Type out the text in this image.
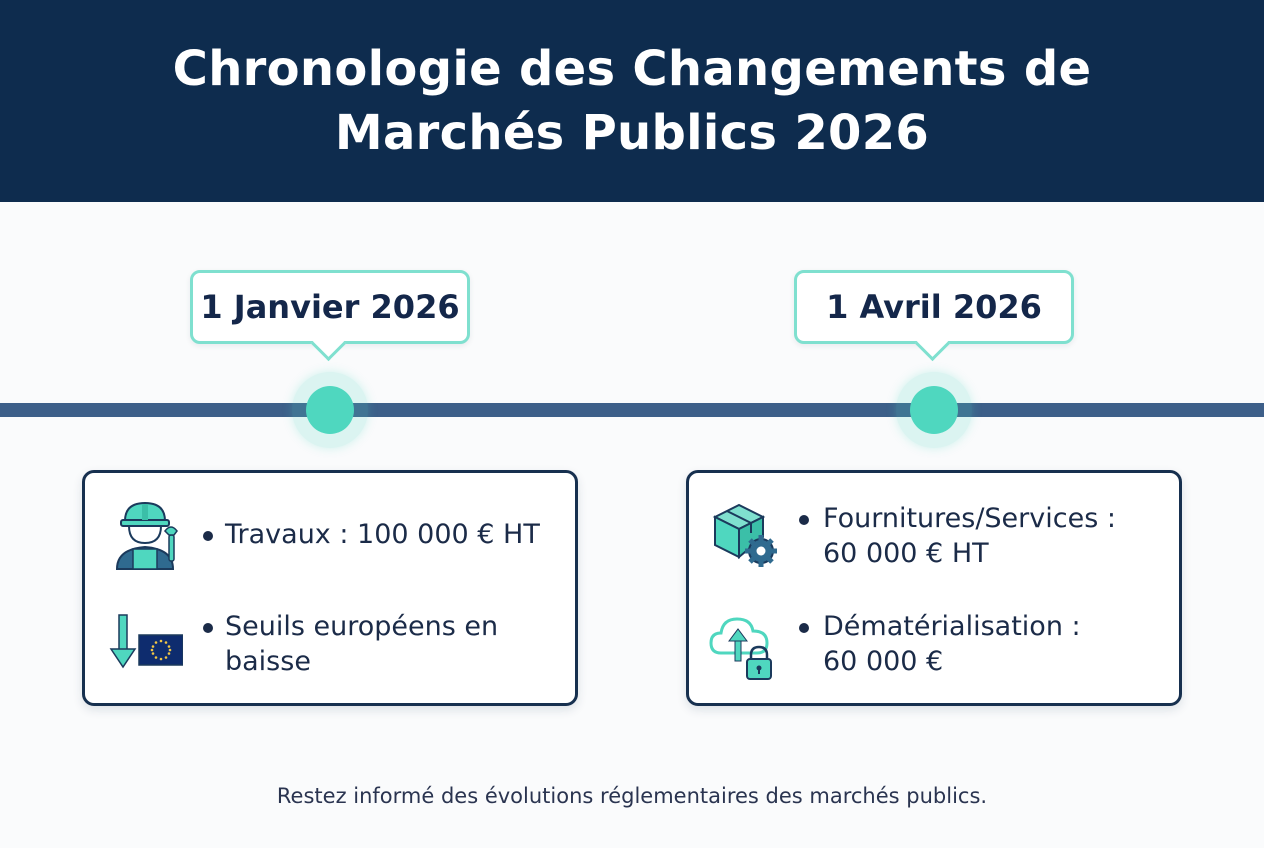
Chronologie des Changements de
Marchés Publics 2026
1 Janvier 2026	1 Avril 2026
Travaux : 100 000 € HT
Seuils européens en
baisse
Fournitures/Services :
60 000 € HT
Dématérialisation :
60 000 €
Restez informé des évolutions réglementaires des marchés publics.
